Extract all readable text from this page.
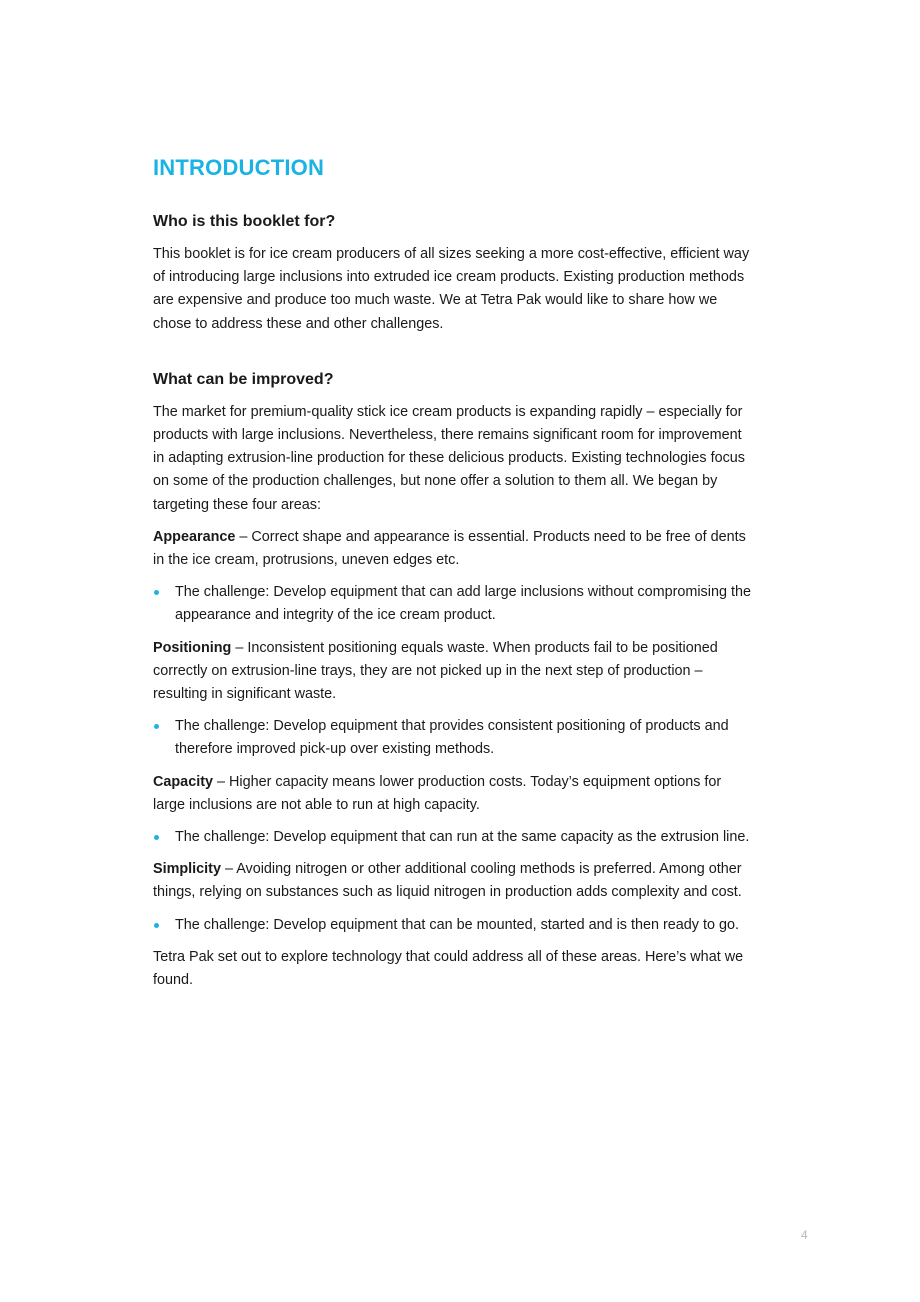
INTRODUCTION
Who is this booklet for?

This booklet is for ice cream producers of all sizes seeking a more cost-effective, efficient way of introducing large inclusions into extruded ice cream products. Existing production methods are expensive and produce too much waste. We at Tetra Pak would like to share how we chose to address these and other challenges.

What can be improved?

The market for premium-quality stick ice cream products is expanding rapidly – especially for products with large inclusions. Nevertheless, there remains significant room for improvement in adapting extrusion-line production for these delicious products. Existing technologies focus on some of the production challenges, but none offer a solution to them all. We began by targeting these four areas:

Appearance – Correct shape and appearance is essential. Products need to be free of dents in the ice cream, protrusions, uneven edges etc.

The challenge: Develop equipment that can add large inclusions without compromising the appearance and integrity of the ice cream product.

Positioning – Inconsistent positioning equals waste. When products fail to be positioned correctly on extrusion-line trays, they are not picked up in the next step of production – resulting in significant waste.

The challenge: Develop equipment that provides consistent positioning of products and therefore improved pick-up over existing methods.

Capacity – Higher capacity means lower production costs. Today’s equipment options for large inclusions are not able to run at high capacity.

The challenge: Develop equipment that can run at the same capacity as the extrusion line.

Simplicity – Avoiding nitrogen or other additional cooling methods is preferred. Among other things, relying on substances such as liquid nitrogen in production adds complexity and cost.

The challenge: Develop equipment that can be mounted, started and is then ready to go.

Tetra Pak set out to explore technology that could address all of these areas. Here’s what we found.

4
